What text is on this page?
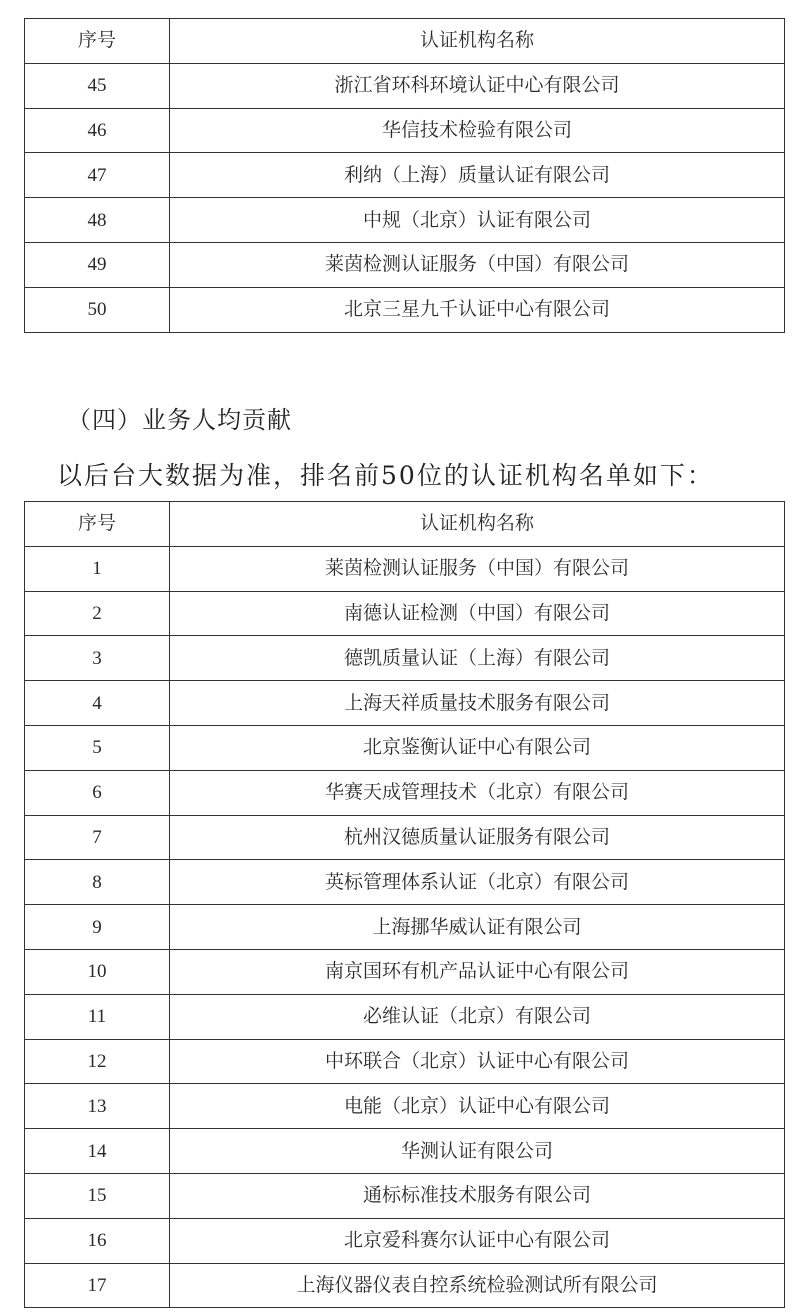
序号	认证机构名称
45	浙江省环科环境认证中心有限公司
46	华信技术检验有限公司
47	利纳（上海）质量认证有限公司
48	中规（北京）认证有限公司
49	莱茵检测认证服务（中国）有限公司
50	北京三星九千认证中心有限公司
（四）业务人均贡献
以后台大数据为准，排名前50位的认证机构名单如下：
序号	认证机构名称
1	莱茵检测认证服务（中国）有限公司
2	南德认证检测（中国）有限公司
3	德凯质量认证（上海）有限公司
4	上海天祥质量技术服务有限公司
5	北京鉴衡认证中心有限公司
6	华赛天成管理技术（北京）有限公司
7	杭州汉德质量认证服务有限公司
8	英标管理体系认证（北京）有限公司
9	上海挪华威认证有限公司
10	南京国环有机产品认证中心有限公司
11	必维认证（北京）有限公司
12	中环联合（北京）认证中心有限公司
13	电能（北京）认证中心有限公司
14	华测认证有限公司
15	通标标准技术服务有限公司
16	北京爱科赛尔认证中心有限公司
17	上海仪器仪表自控系统检验测试所有限公司
